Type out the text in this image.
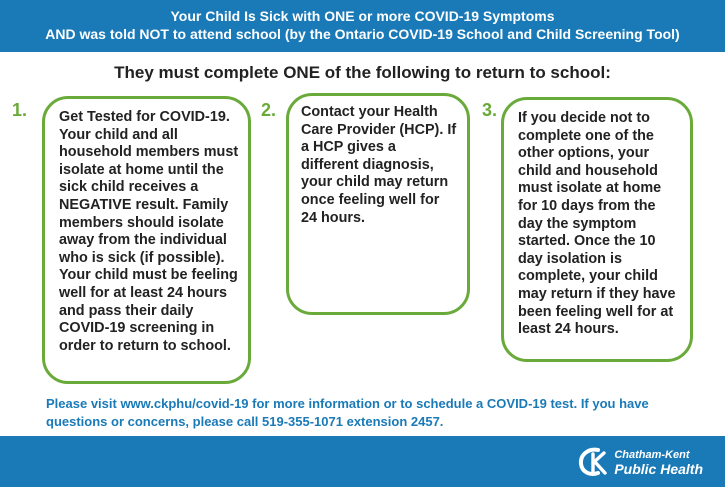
Your Child Is Sick with ONE or more COVID-19 Symptoms
AND was told NOT to attend school (by the Ontario COVID-19 School and Child Screening Tool)
They must complete ONE of the following to return to school:
1. Get Tested for COVID-19. Your child and all household members must isolate at home until the sick child receives a NEGATIVE result. Family members should isolate away from the individual who is sick (if possible). Your child must be feeling well for at least 24 hours and pass their daily COVID-19 screening in order to return to school.

2. Contact your Health Care Provider (HCP). If a HCP gives a different diagnosis, your child may return once feeling well for 24 hours.

3. If you decide not to complete one of the other options, your child and household must isolate at home for 10 days from the day the symptom started. Once the 10 day isolation is complete, your child may return if they have been feeling well for at least 24 hours.

Please visit www.ckphu/covid-19 for more information or to schedule a COVID-19 test. If you have questions or concerns, please call 519-355-1071 extension 2457.
Chatham-Kent
Public Health
